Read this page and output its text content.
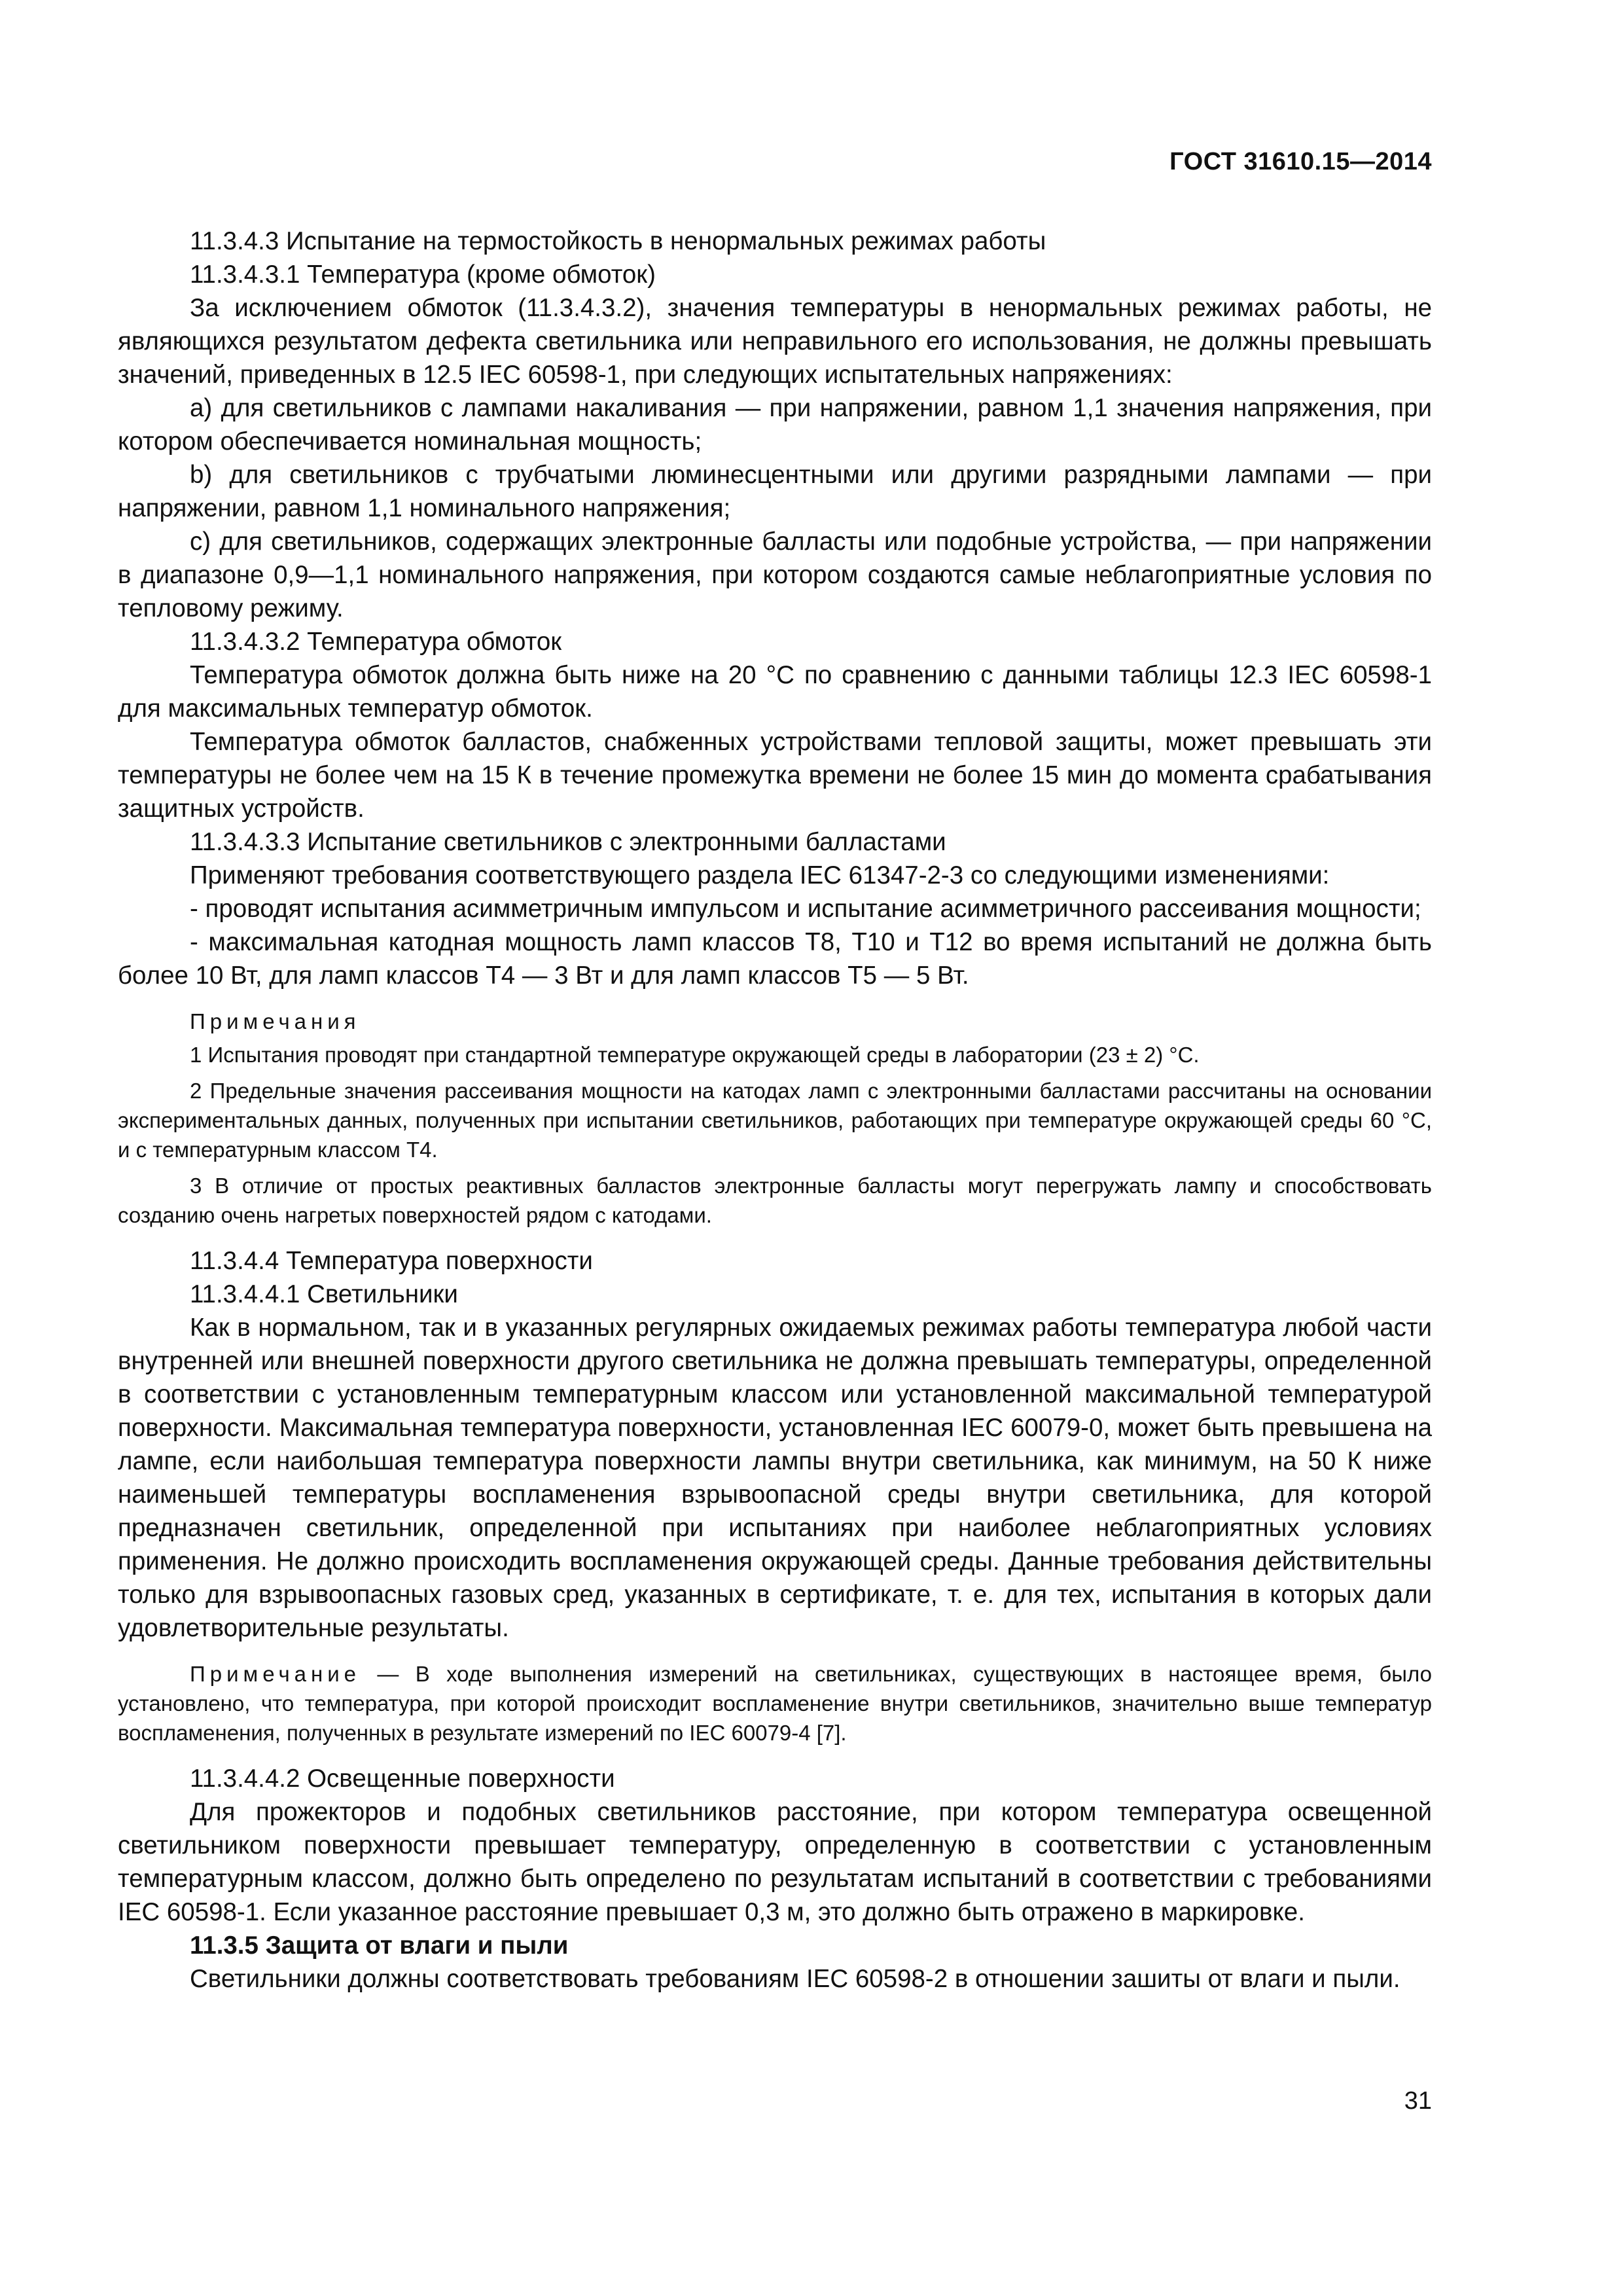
ГОСТ 31610.15—2014

11.3.4.3 Испытание на термостойкость в ненормальных режимах работы

11.3.4.3.1 Температура (кроме обмоток)

За исключением обмоток (11.3.4.3.2), значения температуры в ненормальных режимах работы, не являющихся результатом дефекта светильника или неправильного его использования, не должны превышать значений, приведенных в 12.5 IEC 60598-1, при следующих испытательных напряжениях:

a) для светильников с лампами накаливания — при напряжении, равном 1,1 значения напряжения, при котором обеспечивается номинальная мощность;

b) для светильников с трубчатыми люминесцентными или другими разрядными лампами — при напряжении, равном 1,1 номинального напряжения;

c) для светильников, содержащих электронные балласты или подобные устройства, — при напряжении в диапазоне 0,9—1,1 номинального напряжения, при котором создаются самые неблагоприятные условия по тепловому режиму.

11.3.4.3.2 Температура обмоток

Температура обмоток должна быть ниже на 20 °С по сравнению с данными таблицы 12.3 IEC 60598-1 для максимальных температур обмоток.

Температура обмоток балластов, снабженных устройствами тепловой защиты, может превышать эти температуры не более чем на 15 К в течение промежутка времени не более 15 мин до момента срабатывания защитных устройств.

11.3.4.3.3 Испытание светильников с электронными балластами

Применяют требования соответствующего раздела IEC 61347-2-3 со следующими изменениями:

- проводят испытания асимметричным импульсом и испытание асимметричного рассеивания мощности;

- максимальная катодная мощность ламп классов Т8, Т10 и Т12 во время испытаний не должна быть более 10 Вт, для ламп классов Т4 — 3 Вт и для ламп классов Т5 — 5 Вт.

Примечания

1 Испытания проводят при стандартной температуре окружающей среды в лаборатории (23 ± 2) °С.

2 Предельные значения рассеивания мощности на катодах ламп с электронными балластами рассчитаны на основании экспериментальных данных, полученных при испытании светильников, работающих при температуре окружающей среды 60 °С, и с температурным классом Т4.

3 В отличие от простых реактивных балластов электронные балласты могут перегружать лампу и способствовать созданию очень нагретых поверхностей рядом с катодами.

11.3.4.4 Температура поверхности

11.3.4.4.1 Светильники

Как в нормальном, так и в указанных регулярных ожидаемых режимах работы температура любой части внутренней или внешней поверхности другого светильника не должна превышать температуры, определенной в соответствии с установленным температурным классом или установленной максимальной температурой поверхности. Максимальная температура поверхности, установленная IEC 60079-0, может быть превышена на лампе, если наибольшая температура поверхности лампы внутри светильника, как минимум, на 50 К ниже наименьшей температуры воспламенения взрывоопасной среды внутри светильника, для которой предназначен светильник, определенной при испытаниях при наиболее неблагоприятных условиях применения. Не должно происходить воспламенения окружающей среды. Данные требования действительны только для взрывоопасных газовых сред, указанных в сертификате, т. е. для тех, испытания в которых дали удовлетворительные результаты.

Примечание — В ходе выполнения измерений на светильниках, существующих в настоящее время, было установлено, что температура, при которой происходит воспламенение внутри светильников, значительно выше температур воспламенения, полученных в результате измерений по IEC 60079-4 [7].

11.3.4.4.2 Освещенные поверхности

Для прожекторов и подобных светильников расстояние, при котором температура освещенной светильником поверхности превышает температуру, определенную в соответствии с установленным температурным классом, должно быть определено по результатам испытаний в соответствии с требованиями IEC 60598-1. Если указанное расстояние превышает 0,3 м, это должно быть отражено в маркировке.

11.3.5 Защита от влаги и пыли

Светильники должны соответствовать требованиям IEC 60598-2 в отношении зашиты от влаги и пыли.

31
